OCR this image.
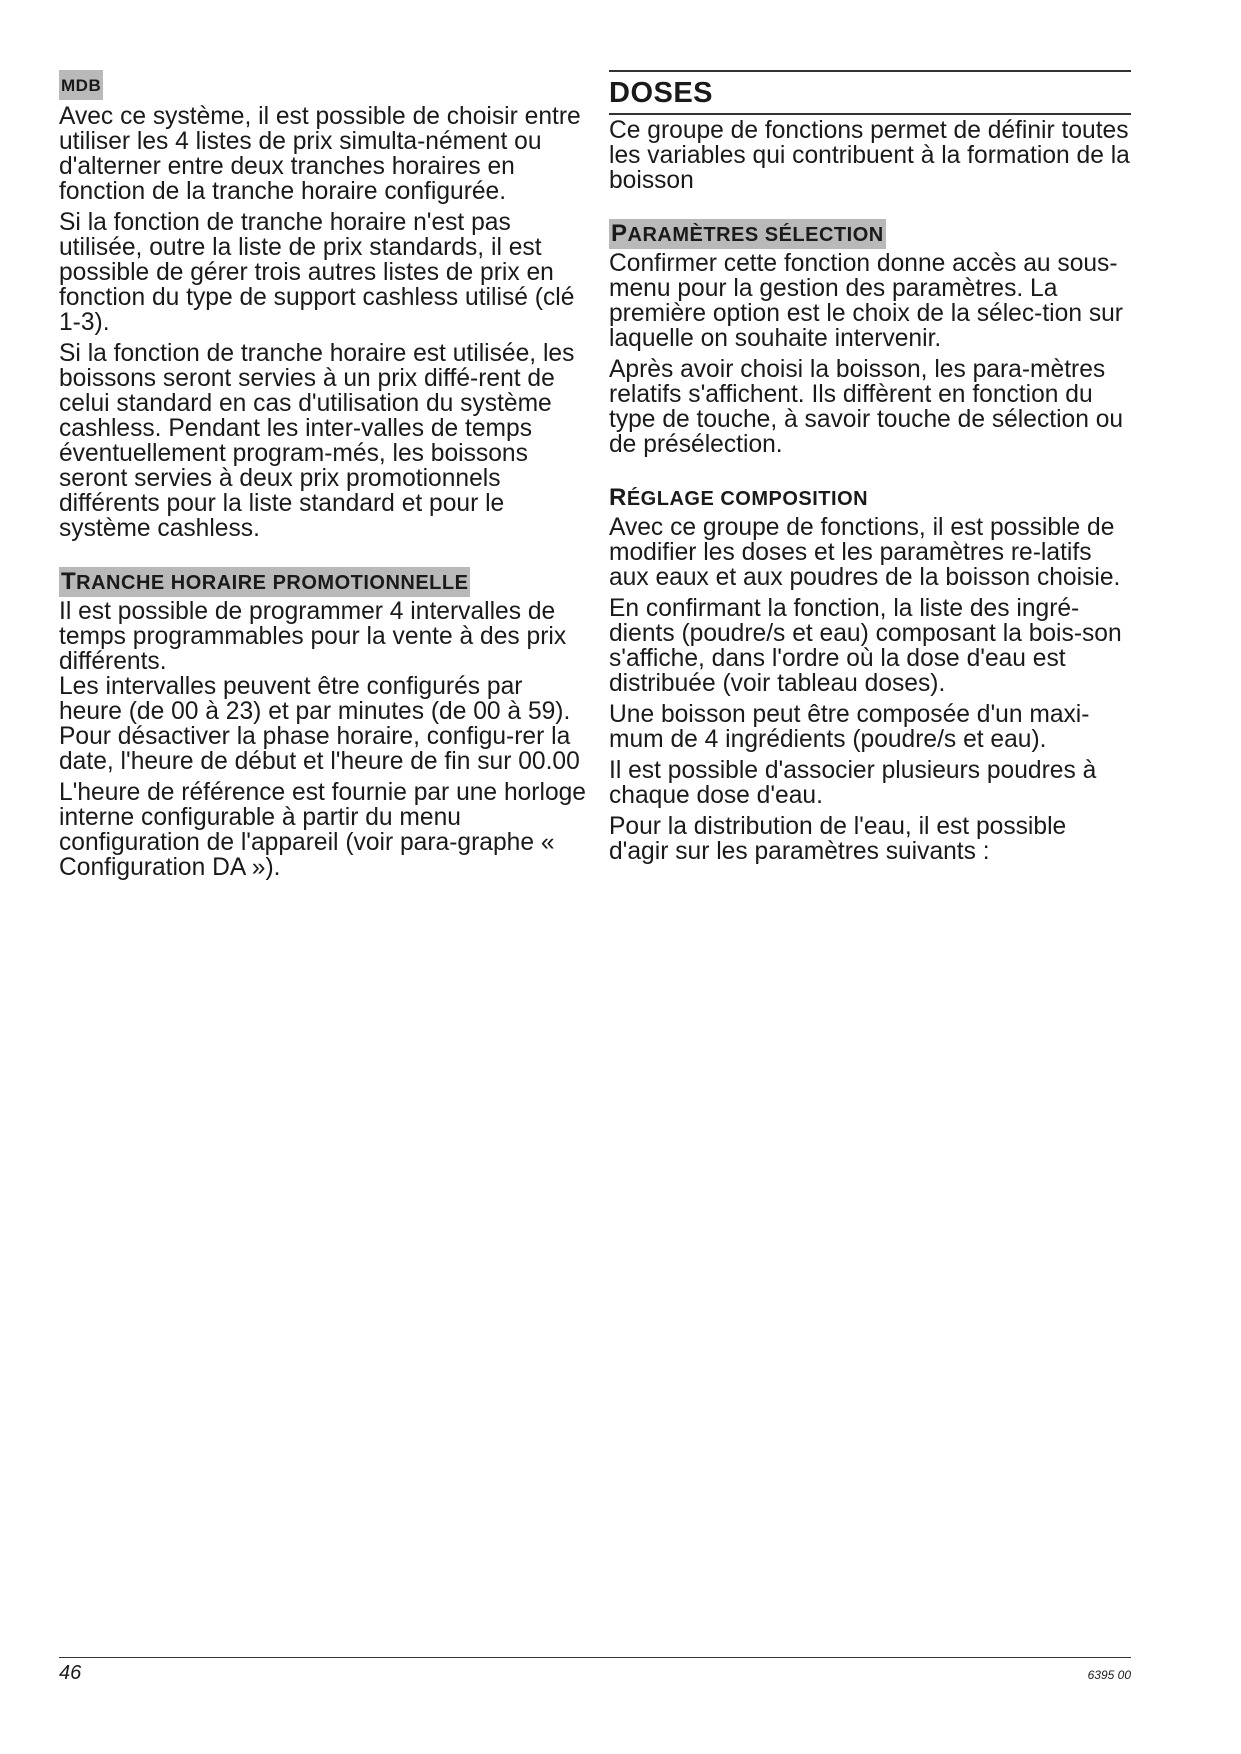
MDB

Avec ce système, il est possible de choisir entre utiliser les 4 listes de prix simulta-nément ou d'alterner entre deux tranches horaires en fonction de la tranche horaire configurée.

Si la fonction de tranche horaire n'est pas utilisée, outre la liste de prix standards, il est possible de gérer trois autres listes de prix en fonction du type de support cashless utilisé (clé 1-3).

Si la fonction de tranche horaire est utilisée, les boissons seront servies à un prix diffé-rent de celui standard en cas d'utilisation du système cashless. Pendant les inter-valles de temps éventuellement program-més, les boissons seront servies à deux prix promotionnels différents pour la liste standard et pour le système cashless.

TRANCHE HORAIRE PROMOTIONNELLE

Il est possible de programmer 4 intervalles de temps programmables pour la vente à des prix différents.

Les intervalles peuvent être configurés par heure (de 00 à 23) et par minutes (de 00 à 59).

Pour désactiver la phase horaire, configu-rer la date, l'heure de début et l'heure de fin sur 00.00

L'heure de référence est fournie par une horloge interne configurable à partir du menu configuration de l'appareil (voir para-graphe « Configuration DA »).

DOSES

Ce groupe de fonctions permet de définir toutes les variables qui contribuent à la formation de la boisson

PARAMÈTRES SÉLECTION

Confirmer cette fonction donne accès au sous-menu pour la gestion des paramètres. La première option est le choix de la sélec-tion sur laquelle on souhaite intervenir.

Après avoir choisi la boisson, les para-mètres relatifs s'affichent. Ils diffèrent en fonction du type de touche, à savoir touche de sélection ou de présélection.

RÉGLAGE COMPOSITION

Avec ce groupe de fonctions, il est possible de modifier les doses et les paramètres re-latifs aux eaux et aux poudres de la boisson choisie.

En confirmant la fonction, la liste des ingré-dients (poudre/s et eau) composant la bois-son s'affiche, dans l'ordre où la dose d'eau est distribuée (voir tableau doses).

Une boisson peut être composée d'un maxi-mum de 4 ingrédients (poudre/s et eau).

Il est possible d'associer plusieurs poudres à chaque dose d'eau.

Pour la distribution de l'eau, il est possible d'agir sur les paramètres suivants :

46	6395 00
